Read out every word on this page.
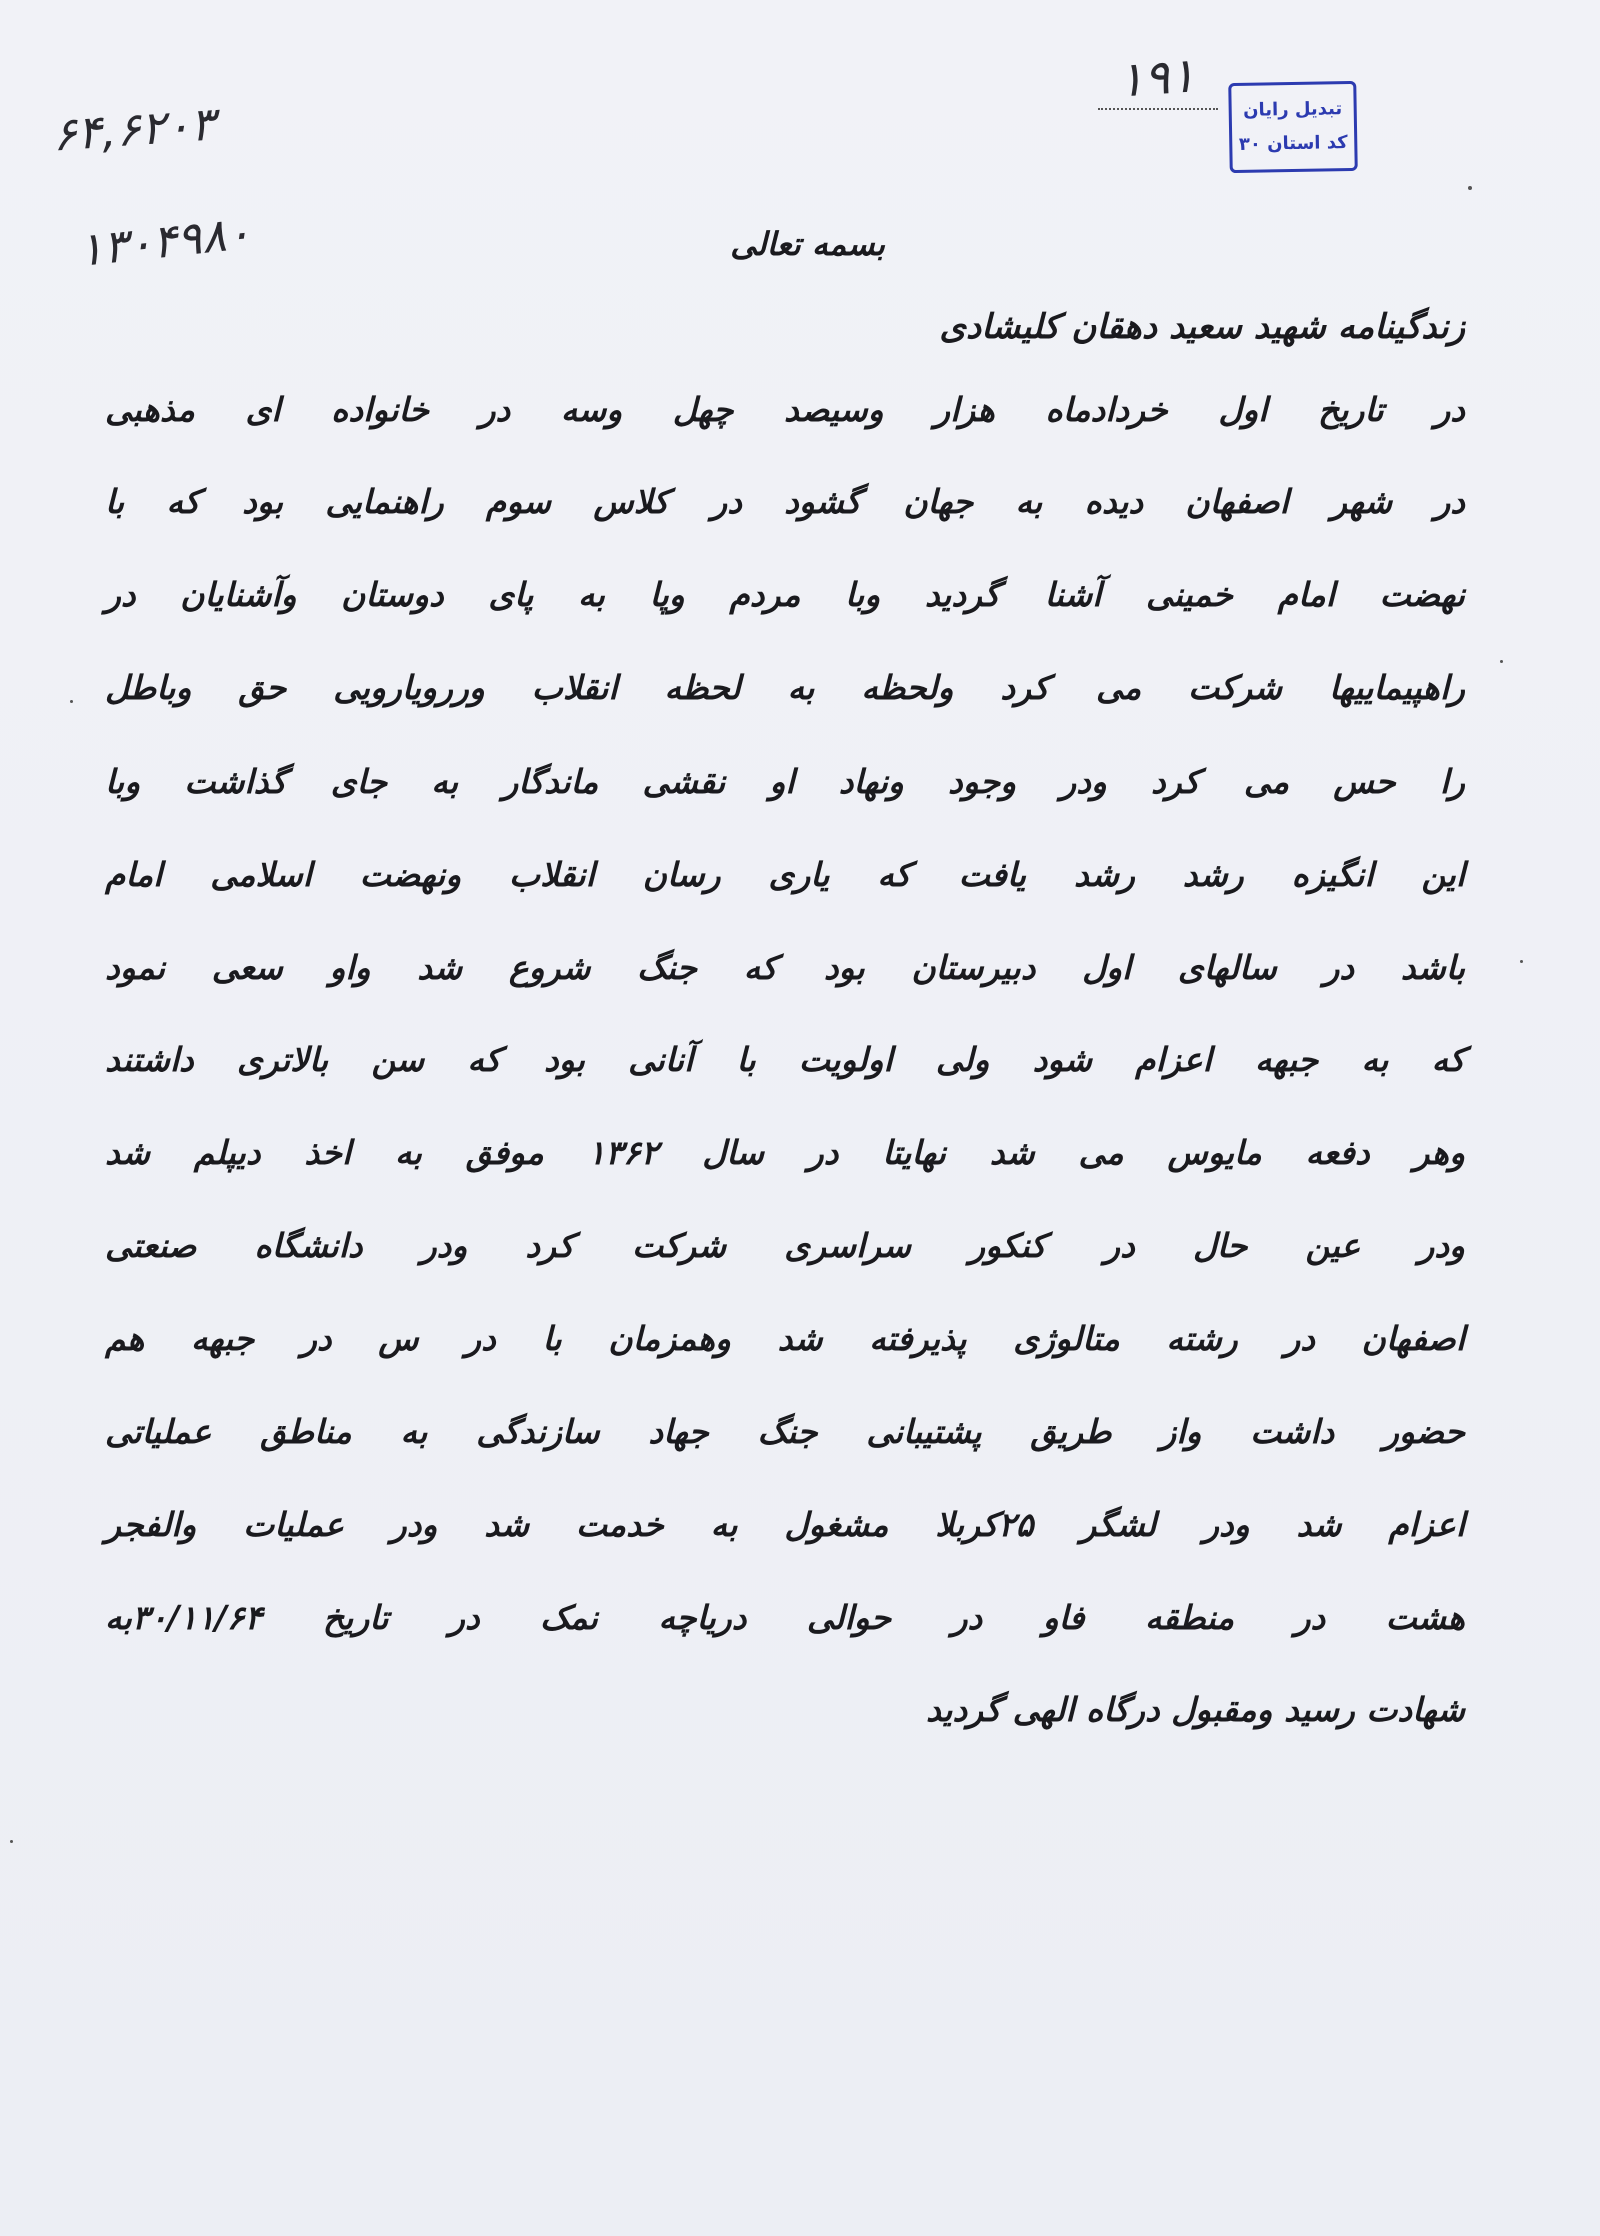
۶۴,۶۲۰۳
۱۳۰۴۹۸۰
۱۹۱
تبدیل رایان
کد استان ۳۰
بسمه تعالی
زندگینامه شهید سعید دهقان کلیشادی
در تاریخ اول خردادماه هزار وسیصد چهل وسه در خانواده ای مذهبی
در شهر اصفهان دیده به جهان گشود در کلاس سوم راهنمایی بود که با
نهضت امام خمینی آشنا گردید وبا مردم وپا به پای دوستان وآشنایان در
راهپیماییها شرکت می کرد ولحظه به لحظه انقلاب وررویارویی حق وباطل
را حس می کرد ودر وجود ونهاد او نقشی ماندگار به جای گذاشت وبا
این انگیزه رشد رشد یافت که یاری رسان انقلاب ونهضت اسلامی امام
باشد در سالهای اول دبیرستان بود که جنگ شروع شد واو سعی نمود
که به جبهه اعزام شود ولی اولویت با آنانی بود که سن بالاتری داشتند
وهر دفعه مایوس می شد نهایتا در سال ۱۳۶۲ موفق به اخذ دیپلم شد
ودر عین حال در کنکور سراسری شرکت کرد ودر دانشگاه صنعتی
اصفهان در رشته متالوژی پذیرفته شد وهمزمان با در س در جبهه هم
حضور داشت واز طریق پشتیبانی جنگ جهاد سازندگی به مناطق عملیاتی
اعزام شد ودر لشگر ۲۵کربلا مشغول به خدمت شد ودر عملیات والفجر
هشت در منطقه فاو در حوالی دریاچه نمک در تاریخ ۳۰/۱۱/۶۴به
شهادت رسید ومقبول درگاه الهی گردید
